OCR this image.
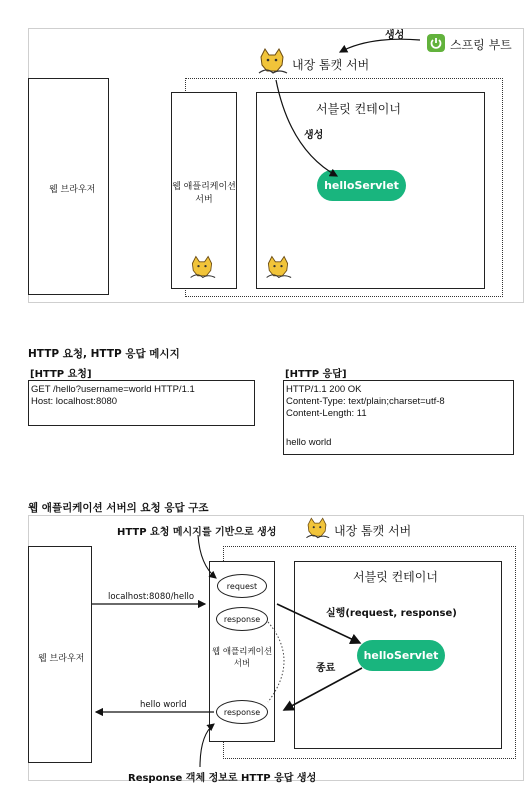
스프링 부트
생성
내장 톰캣 서버
웹 브라우저	웹 애플리케이션
서버
서블릿 컨테이너
생성
helloServlet
HTTP 요청, HTTP 응답 메시지
[HTTP 요청]
GET /hello?username=world HTTP/1.1
Host: localhost:8080
[HTTP 응답]
HTTP/1.1 200 OK
Content-Type: text/plain;charset=utf-8
Content-Length: 11
hello world
웹 애플리케이션 서버의 요청 응답 구조
HTTP 요청 메시지를 기반으로 생성	내장 톰캣 서버
웹 브라우저
localhost:8080/hello
hello world
request
response
웹 애플리케이션
서버
response
서블릿 컨테이너
실행(request, response)
helloServlet
종료
Response 객체 정보로 HTTP 응답 생성
